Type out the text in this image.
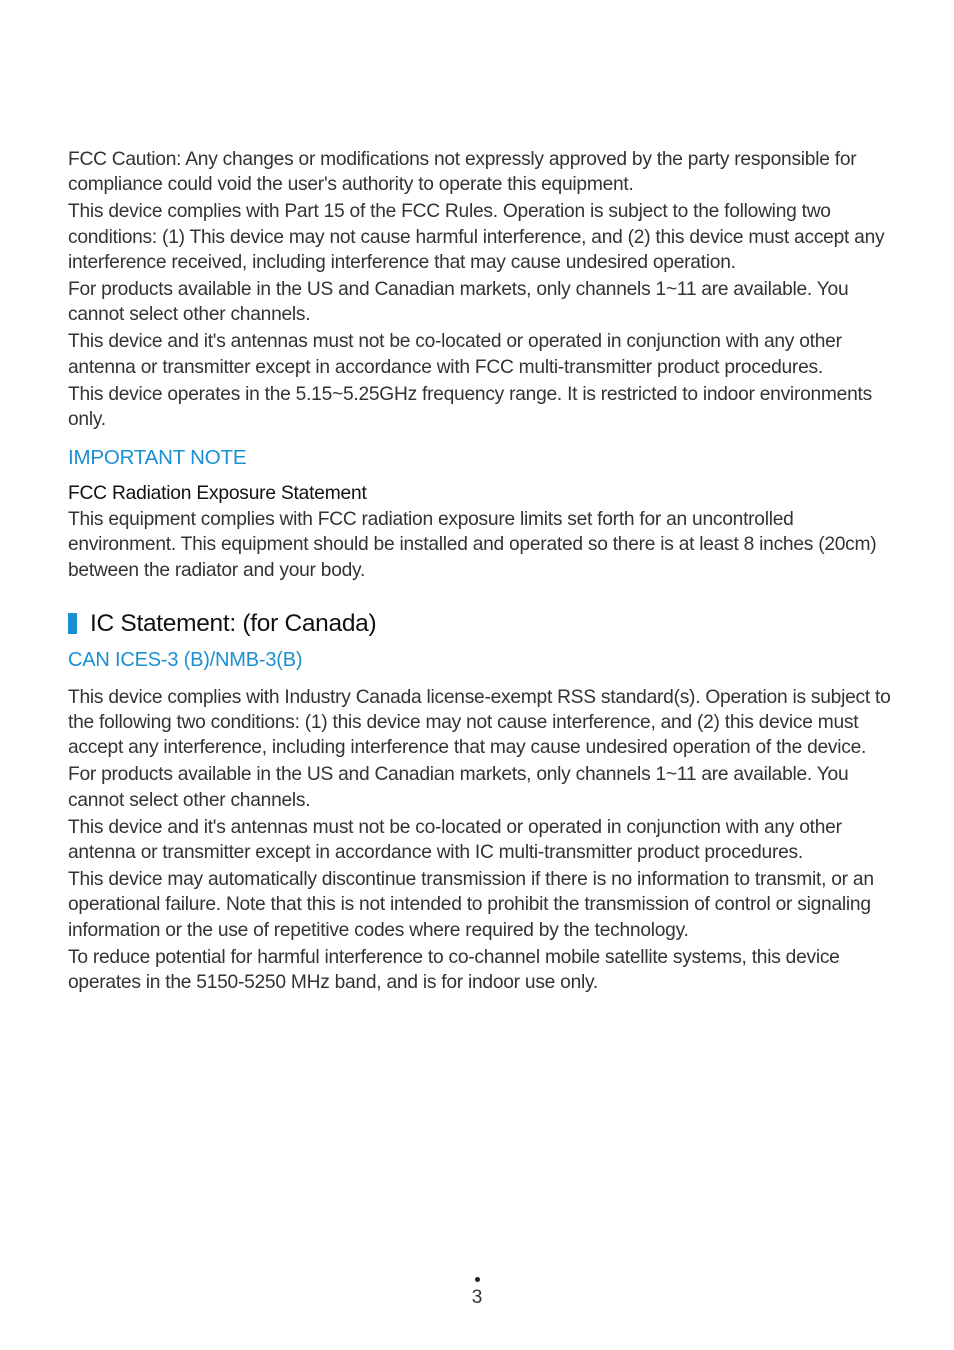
FCC Caution: Any changes or modifications not expressly approved by the party responsible for compliance could void the user's authority to operate this equipment.

This device complies with Part 15 of the FCC Rules. Operation is subject to the following two conditions: (1) This device may not cause harmful interference, and (2) this device must accept any interference received, including interference that may cause undesired operation.

For products available in the US and Canadian markets, only channels 1~11 are available. You cannot select other channels.

This device and it's antennas must not be co-located or operated in conjunction with any other antenna or transmitter except in accordance with FCC multi-transmitter product procedures.

This device operates in the 5.15~5.25GHz frequency range. It is restricted to indoor environments only.

IMPORTANT NOTE
FCC Radiation Exposure Statement

This equipment complies with FCC radiation exposure limits set forth for an uncontrolled environment. This equipment should be installed and operated so there is at least 8 inches (20cm) between the radiator and your body.

IC Statement: (for Canada)
CAN ICES-3 (B)/NMB-3(B)

This device complies with Industry Canada license-exempt RSS standard(s). Operation is subject to the following two conditions: (1) this device may not cause interference, and (2) this device must accept any interference, including interference that may cause undesired operation of the device.

For products available in the US and Canadian markets, only channels 1~11 are available. You cannot select other channels.

This device and it's antennas must not be co-located or operated in conjunction with any other antenna or transmitter except in accordance with IC multi-transmitter product procedures.

This device may automatically discontinue transmission if there is no information to transmit, or an operational failure. Note that this is not intended to prohibit the transmission of control or signaling information or the use of repetitive codes where required by the technology.

To reduce potential for harmful interference to co-channel mobile satellite systems, this device operates in the 5150-5250 MHz band, and is for indoor use only.

3
